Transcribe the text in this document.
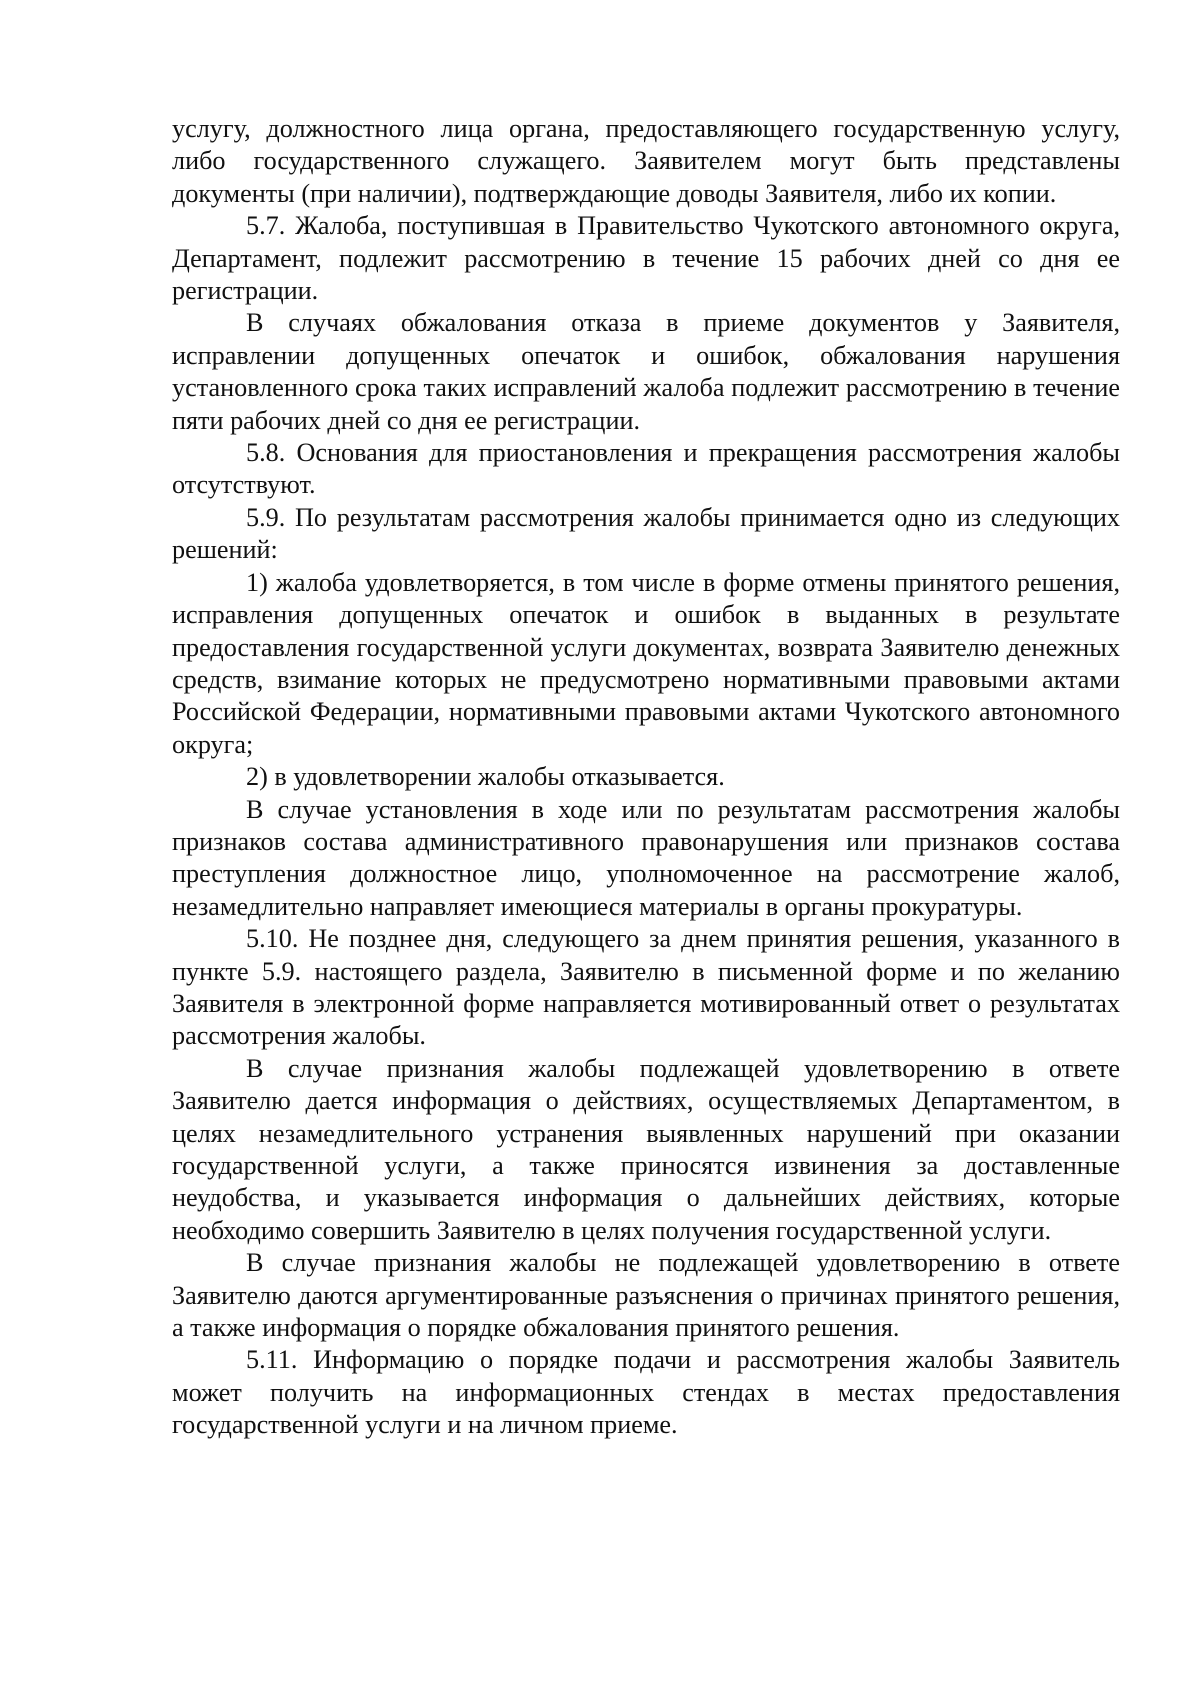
услугу, должностного лица органа, предоставляющего государственную услугу, либо государственного служащего. Заявителем могут быть представлены документы (при наличии), подтверждающие доводы Заявителя, либо их копии.

5.7. Жалоба, поступившая в Правительство Чукотского автономного округа, Департамент, подлежит рассмотрению в течение 15 рабочих дней со дня ее регистрации.

В случаях обжалования отказа в приеме документов у Заявителя, исправлении допущенных опечаток и ошибок, обжалования нарушения установленного срока таких исправлений жалоба подлежит рассмотрению в течение пяти рабочих дней со дня ее регистрации.

5.8. Основания для приостановления и прекращения рассмотрения жалобы отсутствуют.

5.9. По результатам рассмотрения жалобы принимается одно из следующих решений:

1) жалоба удовлетворяется, в том числе в форме отмены принятого решения, исправления допущенных опечаток и ошибок в выданных в результате предоставления государственной услуги документах, возврата Заявителю денежных средств, взимание которых не предусмотрено нормативными правовыми актами Российской Федерации, нормативными правовыми актами Чукотского автономного округа;

2) в удовлетворении жалобы отказывается.

В случае установления в ходе или по результатам рассмотрения жалобы признаков состава административного правонарушения или признаков состава преступления должностное лицо, уполномоченное на рассмотрение жалоб, незамедлительно направляет имеющиеся материалы в органы прокуратуры.

5.10. Не позднее дня, следующего за днем принятия решения, указанного в пункте 5.9. настоящего раздела, Заявителю в письменной форме и по желанию Заявителя в электронной форме направляется мотивированный ответ о результатах рассмотрения жалобы.

В случае признания жалобы подлежащей удовлетворению в ответе Заявителю дается информация о действиях, осуществляемых Департаментом, в целях незамедлительного устранения выявленных нарушений при оказании государственной услуги, а также приносятся извинения за доставленные неудобства, и указывается информация о дальнейших действиях, которые необходимо совершить Заявителю в целях получения государственной услуги.

В случае признания жалобы не подлежащей удовлетворению в ответе Заявителю даются аргументированные разъяснения о причинах принятого решения, а также информация о порядке обжалования принятого решения.

5.11. Информацию о порядке подачи и рассмотрения жалобы Заявитель может получить на информационных стендах в местах предоставления государственной услуги и на личном приеме.
